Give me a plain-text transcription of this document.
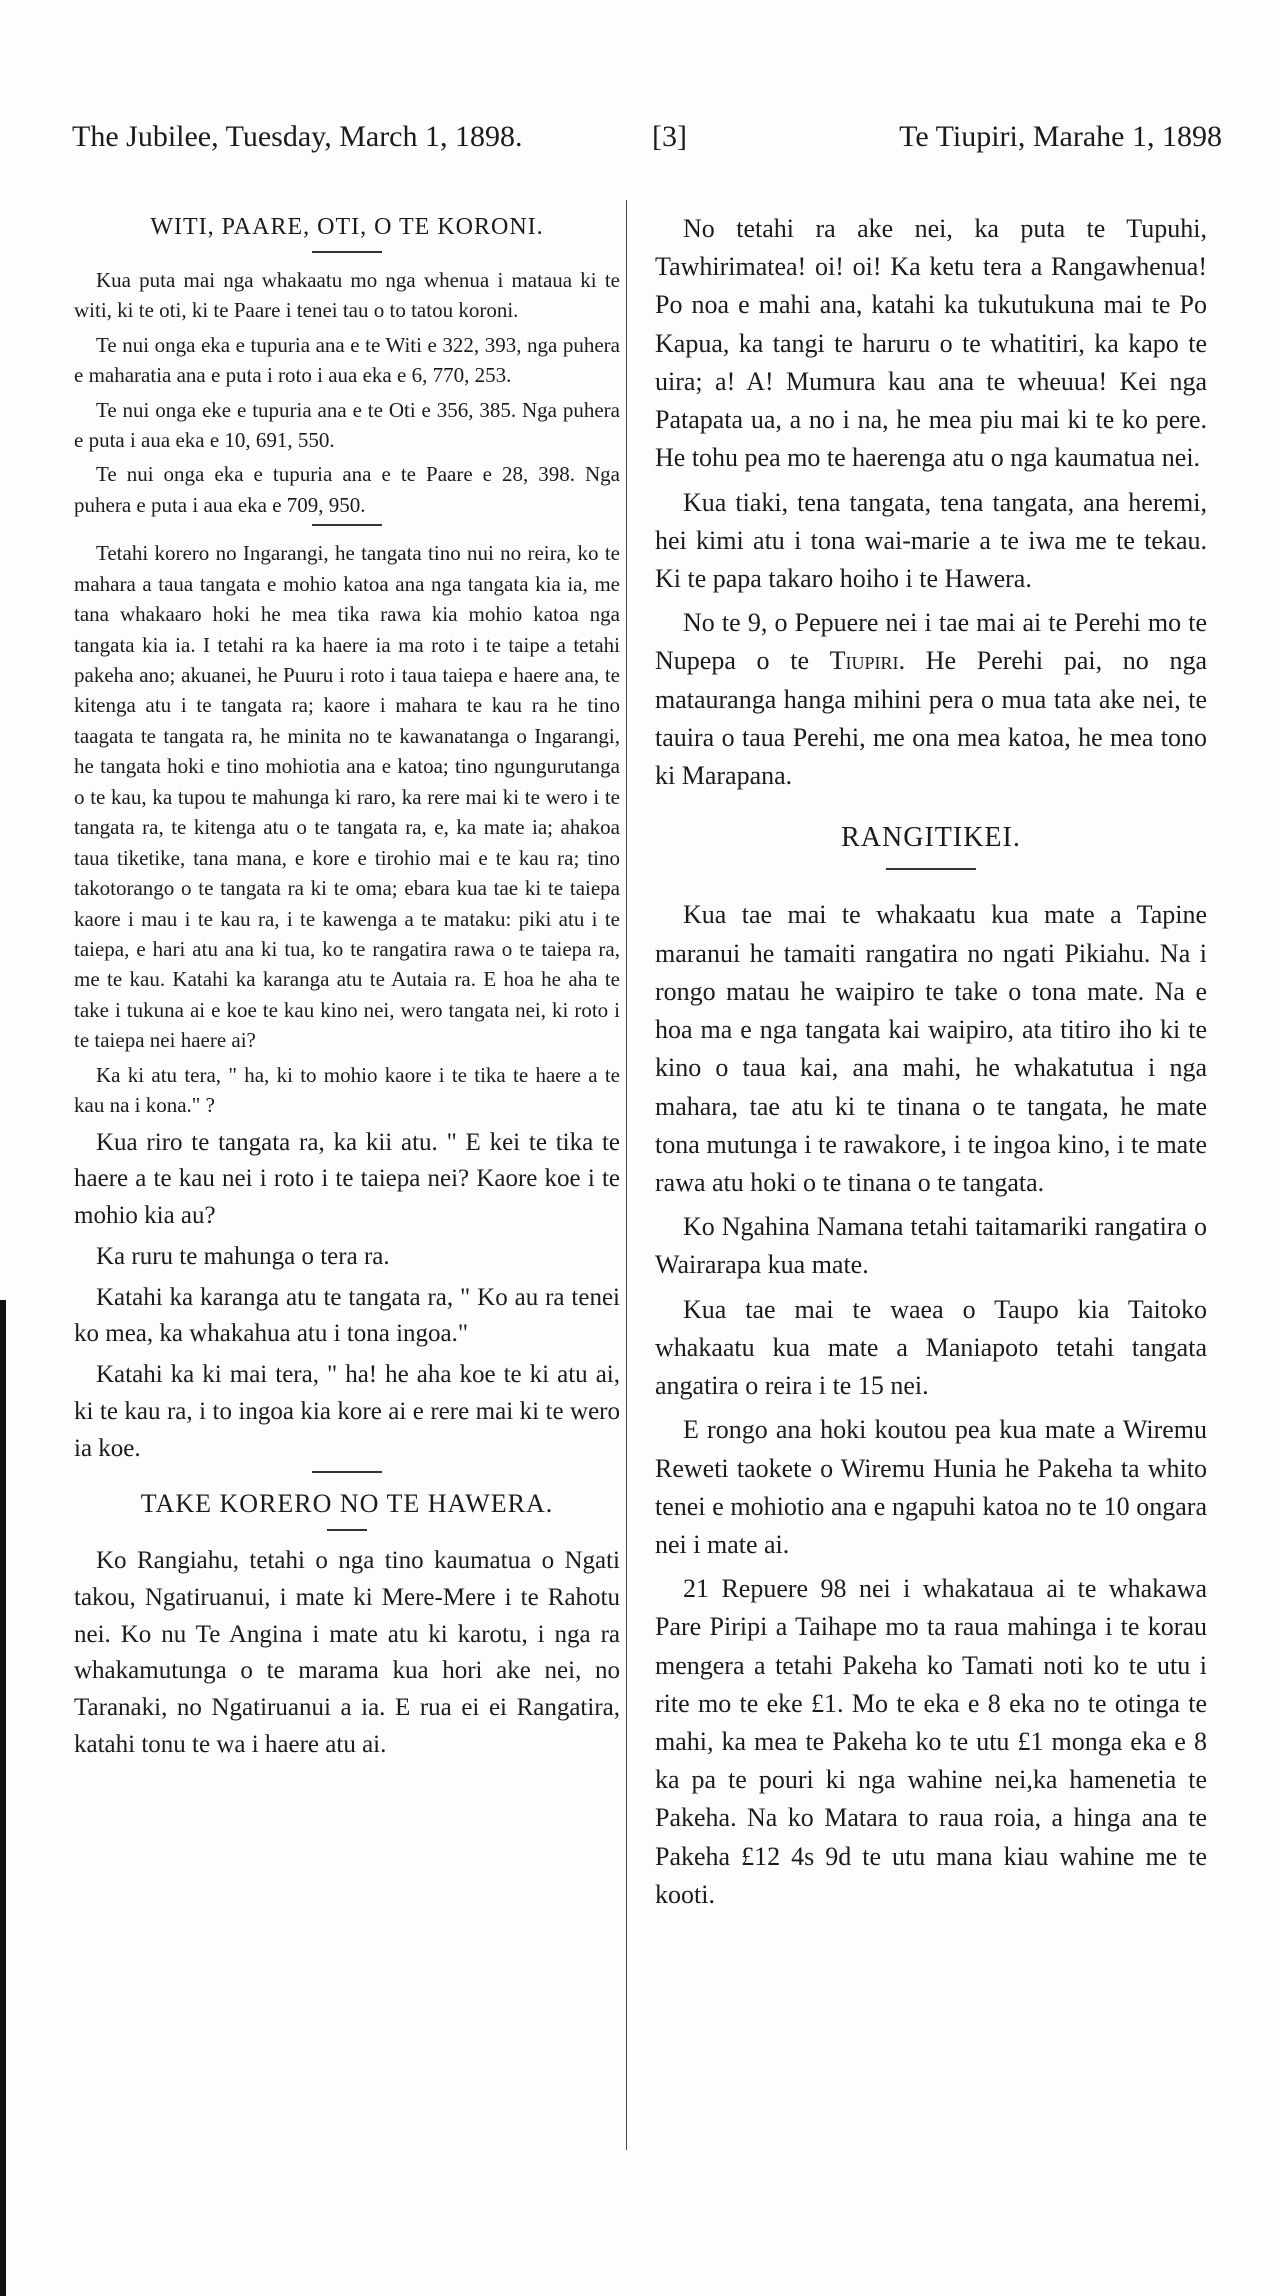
The Jubilee, Tuesday, March 1, 1898.	[3]	Te Tiupiri, Marahe 1, 1898
WITI, PAARE, OTI, O TE KORONI.

Kua puta mai nga whakaatu mo nga whenua i mataua ki te witi, ki te oti, ki te Paare i tenei tau o to tatou koroni.

Te nui onga eka e tupuria ana e te Witi e 322, 393, nga puhera e maharatia ana e puta i roto i aua eka e 6, 770, 253.

Te nui onga eke e tupuria ana e te Oti e 356, 385. Nga puhera e puta i aua eka e 10, 691, 550.

Te nui onga eka e tupuria ana e te Paare e 28, 398. Nga puhera e puta i aua eka e 709, 950.

Tetahi korero no Ingarangi, he tangata tino nui no reira, ko te mahara a taua tangata e mohio katoa ana nga tangata kia ia, me tana whakaaro hoki he mea tika rawa kia mohio katoa nga tangata kia ia. I tetahi ra ka haere ia ma roto i te taipe a tetahi pakeha ano; akuanei, he Puuru i roto i taua taiepa e haere ana, te kitenga atu i te tangata ra; kaore i mahara te kau ra he tino taagata te tangata ra, he minita no te kawanatanga o Ingarangi, he tangata hoki e tino mohiotia ana e katoa; tino ngungurutanga o te kau, ka tupou te mahunga ki raro, ka rere mai ki te wero i te tangata ra, te kitenga atu o te tangata ra, e, ka mate ia; ahakoa taua tiketike, tana mana, e kore e tirohio mai e te kau ra; tino takotorango o te tangata ra ki te oma; ebara kua tae ki te taiepa kaore i mau i te kau ra, i te kawenga a te mataku: piki atu i te taiepa, e hari atu ana ki tua, ko te rangatira rawa o te taiepa ra, me te kau. Katahi ka karanga atu te Autaia ra. E hoa he aha te take i tukuna ai e koe te kau kino nei, wero tangata nei, ki roto i te taiepa nei haere ai?

Ka ki atu tera, " ha, ki to mohio kaore i te tika te haere a te kau na i kona." ?

Kua riro te tangata ra, ka kii atu. " E kei te tika te haere a te kau nei i roto i te taiepa nei? Kaore koe i te mohio kia au?

Ka ruru te mahunga o tera ra.

Katahi ka karanga atu te tangata ra, " Ko au ra tenei ko mea, ka whakahua atu i tona ingoa."

Katahi ka ki mai tera, " ha! he aha koe te ki atu ai, ki te kau ra, i to ingoa kia kore ai e rere mai ki te wero ia koe.

TAKE KORERO NO TE HAWERA.

Ko Rangiahu, tetahi o nga tino kaumatua o Ngati takou, Ngatiruanui, i mate ki Mere-Mere i te Rahotu nei. Ko nu Te Angina i mate atu ki karotu, i nga ra whakamutunga o te marama kua hori ake nei, no Taranaki, no Ngatiruanui a ia. E rua ei ei Rangatira, katahi tonu te wa i haere atu ai.

No tetahi ra ake nei, ka puta te Tupuhi, Tawhirimatea! oi! oi! Ka ketu tera a Rangawhenua! Po noa e mahi ana, katahi ka tukutukuna mai te Po Kapua, ka tangi te haruru o te whatitiri, ka kapo te uira; a! A! Mumura kau ana te wheuua! Kei nga Patapata ua, a no i na, he mea piu mai ki te ko pere. He tohu pea mo te haerenga atu o nga kaumatua nei.

Kua tiaki, tena tangata, tena tangata, ana heremi, hei kimi atu i tona wai-marie a te iwa me te tekau. Ki te papa takaro hoiho i te Hawera.

No te 9, o Pepuere nei i tae mai ai te Perehi mo te Nupepa o te Tiupiri. He Perehi pai, no nga matauranga hanga mihini pera o mua tata ake nei, te tauira o taua Perehi, me ona mea katoa, he mea tono ki Marapana.

RANGITIKEI.

Kua tae mai te whakaatu kua mate a Tapine maranui he tamaiti rangatira no ngati Pikiahu. Na i rongo matau he waipiro te take o tona mate. Na e hoa ma e nga tangata kai waipiro, ata titiro iho ki te kino o taua kai, ana mahi, he whakatutua i nga mahara, tae atu ki te tinana o te tangata, he mate tona mutunga i te rawakore, i te ingoa kino, i te mate rawa atu hoki o te tinana o te tangata.

Ko Ngahina Namana tetahi taitamariki rangatira o Wairarapa kua mate.

Kua tae mai te waea o Taupo kia Taitoko whakaatu kua mate a Maniapoto tetahi tangata angatira o reira i te 15 nei.

E rongo ana hoki koutou pea kua mate a Wiremu Reweti taokete o Wiremu Hunia he Pakeha ta whito tenei e mohiotio ana e ngapuhi katoa no te 10 ongara nei i mate ai.

21 Repuere 98 nei i whakataua ai te whakawa Pare Piripi a Taihape mo ta raua mahinga i te korau mengera a tetahi Pakeha ko Tamati noti ko te utu i rite mo te eke £1. Mo te eka e 8 eka no te otinga te mahi, ka mea te Pakeha ko te utu £1 monga eka e 8 ka pa te pouri ki nga wahine nei,ka hamenetia te Pakeha. Na ko Matara to raua roia, a hinga ana te Pakeha £12 4s 9d te utu mana kiau wahine me te kooti.
